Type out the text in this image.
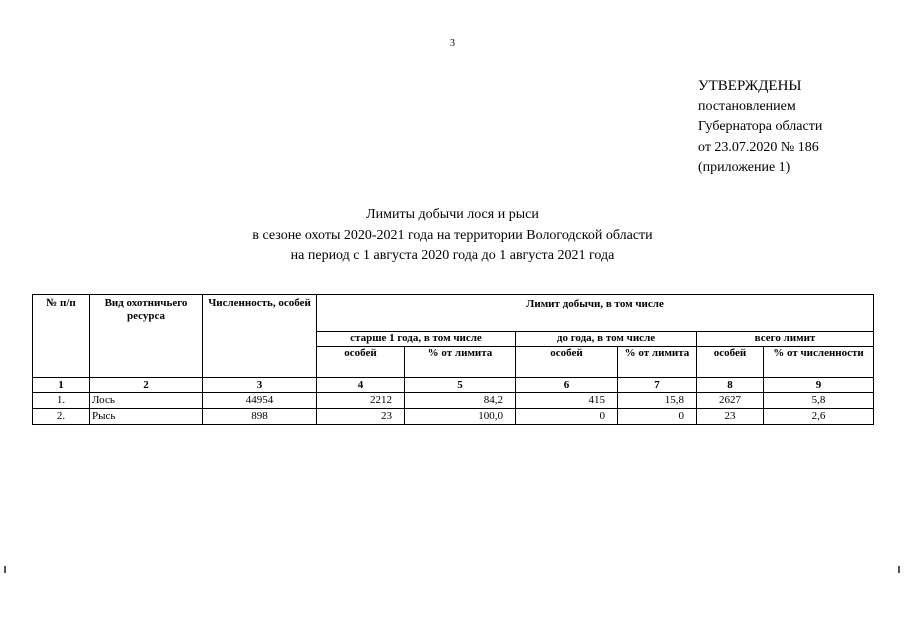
3
УТВЕРЖДЕНЫ
постановлением
Губернатора области
от 23.07.2020 № 186
(приложение 1)
Лимиты добычи лося и рыси
в сезоне охоты 2020-2021 года на территории Вологодской области
на период с 1 августа 2020 года до 1 августа 2021 года
№ п/п	Вид охотничьего ресурса	Численность, особей	Лимит добычи, в том числе					
			старше 1 года, в том числе		до года, в том числе		всего лимит	
			особей	% от лимита	особей	% от лимита	особей	% от численности
1	2	3	4	5	6	7	8	9
1.	Лось	44954	2212	84,2	415	15,8	2627	5,8
2.	Рысь	898	23	100,0	0	0	23	2,6
